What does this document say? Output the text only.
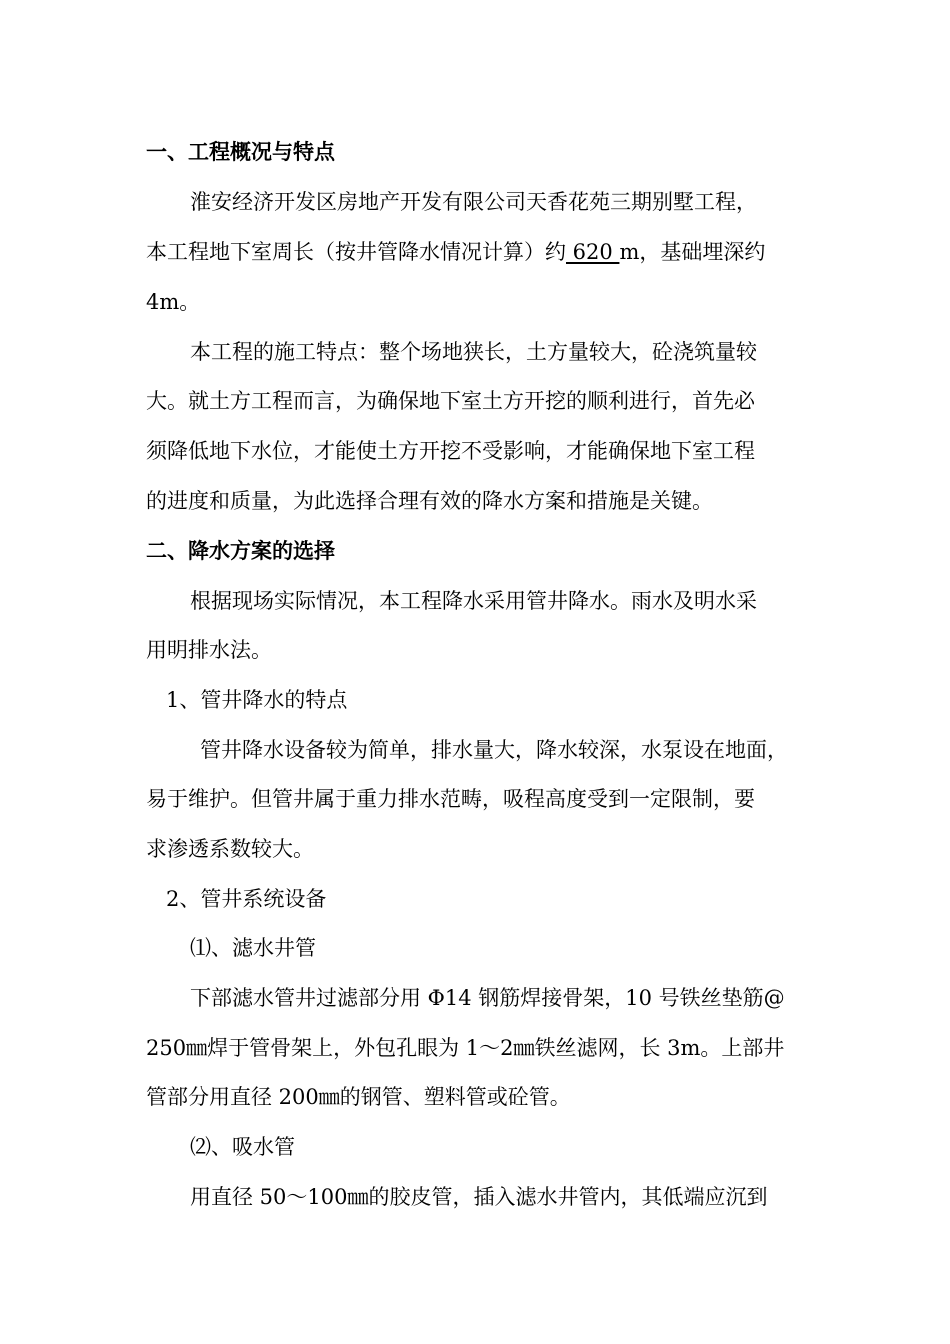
一、工程概况与特点
淮安经济开发区房地产开发有限公司天香花苑三期别墅工程，
本工程地下室周长（按井管降水情况计算）约 620 m，基础埋深约
4m。
本工程的施工特点：整个场地狭长，土方量较大，砼浇筑量较
大。就土方工程而言，为确保地下室土方开挖的顺利进行，首先必
须降低地下水位，才能使土方开挖不受影响，才能确保地下室工程
的进度和质量，为此选择合理有效的降水方案和措施是关键。
二、降水方案的选择
根据现场实际情况，本工程降水采用管井降水。雨水及明水采
用明排水法。
1、管井降水的特点
管井降水设备较为简单，排水量大，降水较深，水泵设在地面，
易于维护。但管井属于重力排水范畴，吸程高度受到一定限制，要
求渗透系数较大。
2、管井系统设备
⑴、滤水井管
下部滤水管井过滤部分用 Φ14 钢筋焊接骨架，10 号铁丝垫筋@
250㎜焊于管骨架上，外包孔眼为 1～2㎜铁丝滤网，长 3m。上部井
管部分用直径 200㎜的钢管、塑料管或砼管。
⑵、吸水管
用直径 50～100㎜的胶皮管，插入滤水井管内，其低端应沉到
